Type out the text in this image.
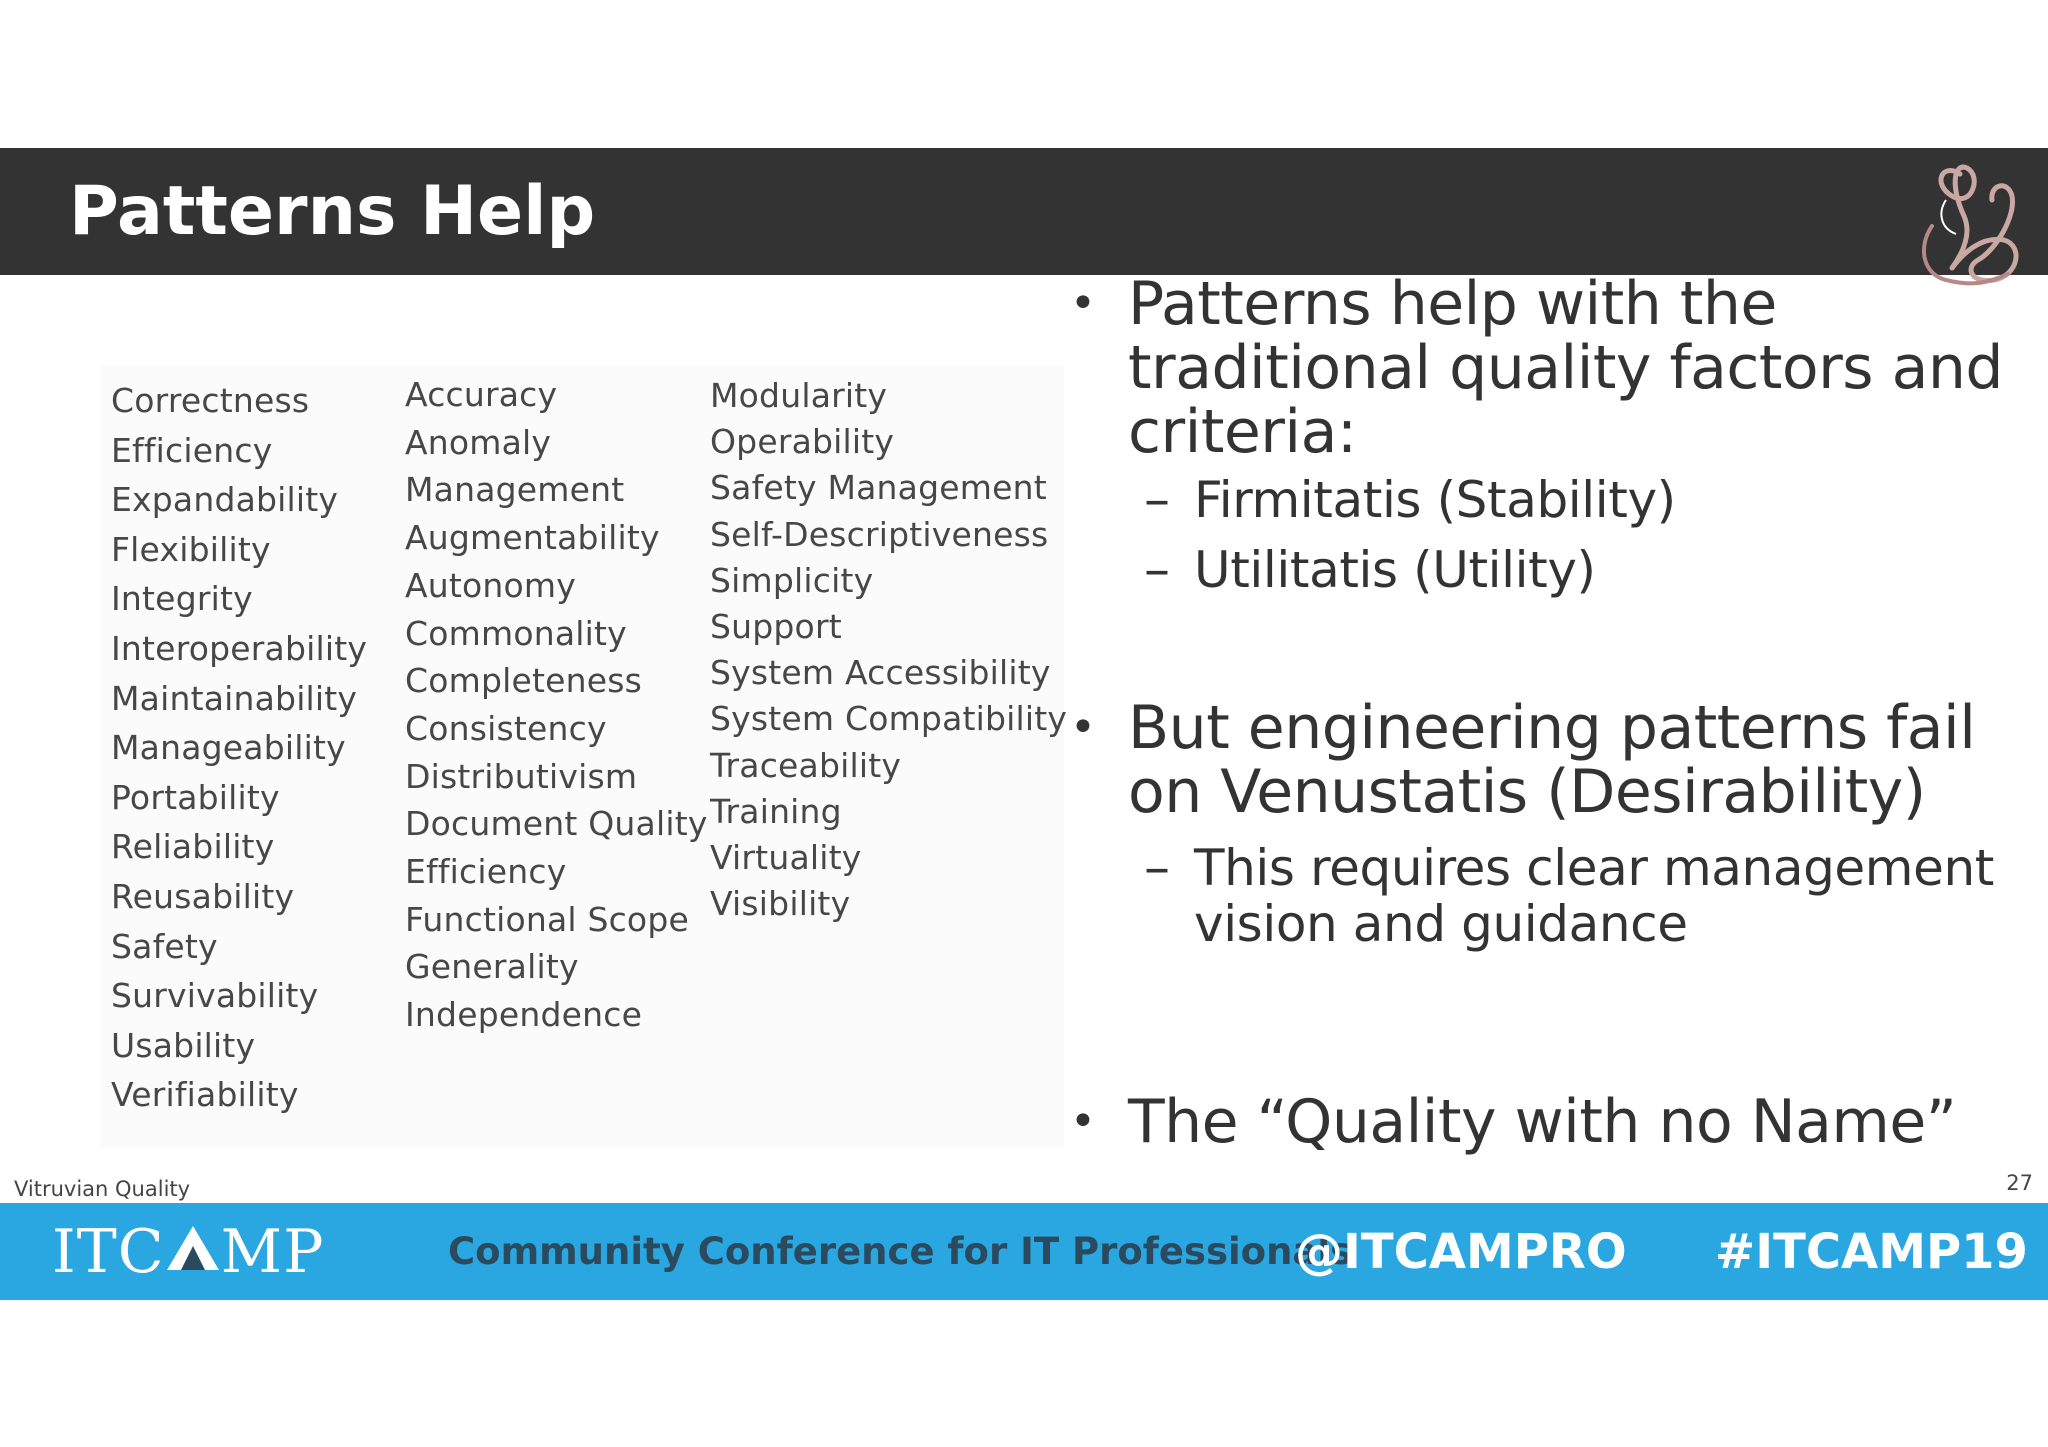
Patterns Help
Correctness
Efficiency
Expandability
Flexibility
Integrity
Interoperability
Maintainability
Manageability
Portability
Reliability
Reusability
Safety
Survivability
Usability
Verifiability
Accuracy
Anomaly
Management
Augmentability
Autonomy
Commonality
Completeness
Consistency
Distributivism
Document Quality
Efficiency
Functional Scope
Generality
Independence
Modularity
Operability
Safety Management
Self-Descriptiveness
Simplicity
Support
System Accessibility
System Compatibility
Traceability
Training
Virtuality
Visibility
• Patterns help with the traditional quality factors and criteria:
– Firmitatis (Stability)
– Utilitatis (Utility)
• But engineering patterns fail on Venustatis (Desirability)
– This requires clear management vision and guidance
• The “Quality with no Name”
Vitruvian Quality	27
ITC MP	Community Conference for IT Professionals
@ITCAMPRO #ITCAMP19
